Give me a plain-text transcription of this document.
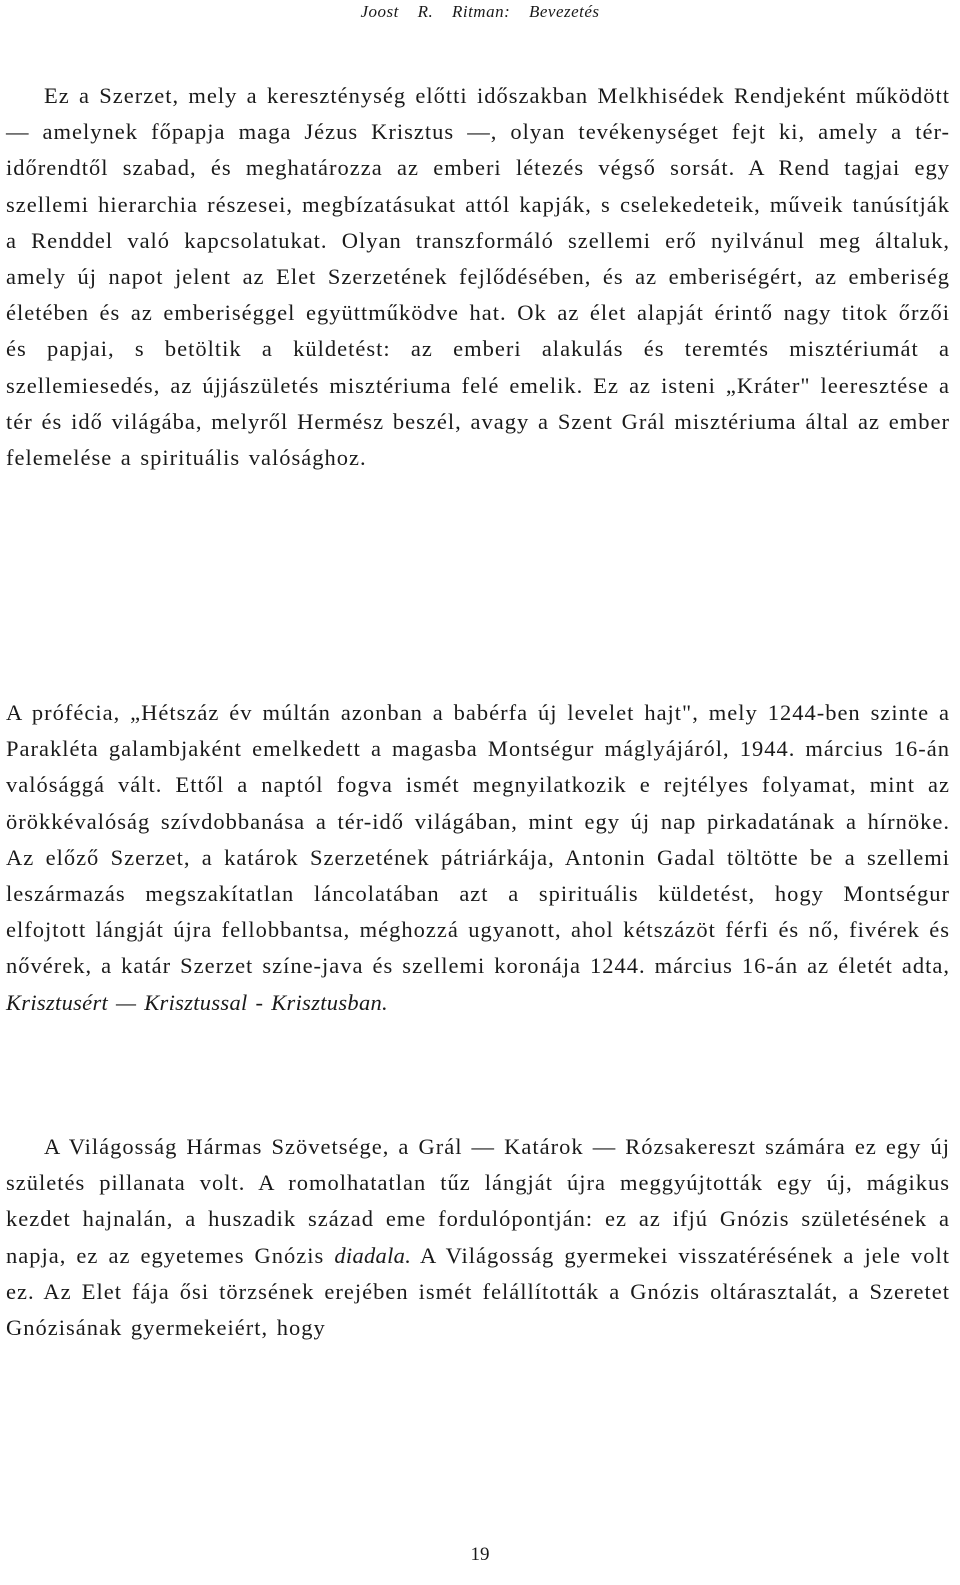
Joost R. Ritman: Bevezetés

Ez a Szerzet, mely a kereszténység előtti időszakban Melkhisédek Rendjeként működött — amelynek főpapja maga Jézus Krisztus —, olyan tevékenységet fejt ki, amely a tér-időrendtől szabad, és meghatározza az emberi létezés végső sorsát. A Rend tagjai egy szellemi hierarchia részesei, megbízatásukat attól kapják, s cselekedeteik, műveik tanúsítják a Renddel való kapcsolatukat. Olyan transzformáló szellemi erő nyilvánul meg általuk, amely új napot jelent az Elet Szerzetének fejlődésében, és az emberiségért, az emberiség életében és az emberiséggel együttműködve hat. Ok az élet alapját érintő nagy titok őrzői és papjai, s betöltik a küldetést: az emberi alakulás és teremtés misztériumát a szellemiesedés, az újjászületés misztériuma felé emelik. Ez az isteni „Kráter" leeresztése a tér és idő világába, melyről Hermész beszél, avagy a Szent Grál misztériuma által az ember felemelése a spirituális valósághoz.

A prófécia, „Hétszáz év múltán azonban a babérfa új levelet hajt", mely 1244-ben szinte a Parakléta galambjaként emelkedett a magasba Montségur máglyájáról, 1944. március 16-án valósággá vált. Ettől a naptól fogva ismét megnyilatkozik e rejtélyes folyamat, mint az örökkévalóság szívdobbanása a tér-idő világában, mint egy új nap pirkadatának a hírnöke. Az előző Szerzet, a katárok Szerzetének pátriárkája, Antonin Gadal töltötte be a szellemi leszármazás megszakítatlan láncolatában azt a spirituális küldetést, hogy Montségur elfojtott lángját újra fellobbantsa, méghozzá ugyanott, ahol kétszázöt férfi és nő, fivérek és nővérek, a katár Szerzet színe-java és szellemi koronája 1244. március 16-án az életét adta, Krisztusért — Krisztussal - Krisztusban.

A Világosság Hármas Szövetsége, a Grál — Katárok — Rózsakereszt számára ez egy új születés pillanata volt. A romolhatatlan tűz lángját újra meggyújtották egy új, mágikus kezdet hajnalán, a huszadik század eme fordulópontján: ez az ifjú Gnózis születésének a napja, ez az egyetemes Gnózis diadala. A Világosság gyermekei visszatérésének a jele volt ez. Az Elet fája ősi törzsének erejében ismét felállították a Gnózis oltárasztalát, a Szeretet Gnózisának gyermekeiért, hogy

19
